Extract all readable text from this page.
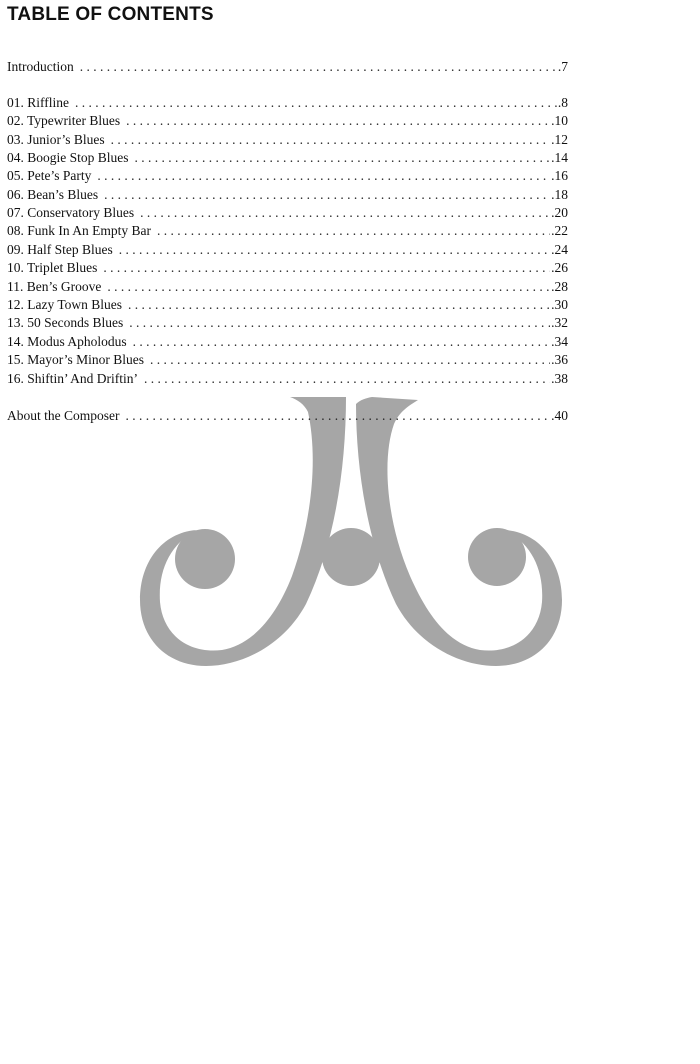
TABLE OF CONTENTS
Introduction . . .	.7
01. Riffline . . .	.8
02. Typewriter Blues . . .	.10
03. Junior’s Blues . . .	.12
04. Boogie Stop Blues . . .	.14
05. Pete’s Party . . .	.16
06. Bean’s Blues . . .	.18
07. Conservatory Blues . . .	.20
08. Funk In An Empty Bar . . .	.22
09. Half Step Blues . . .	.24
10. Triplet Blues . . .	.26
11. Ben’s Groove . . .	.28
12. Lazy Town Blues . . .	.30
13. 50 Seconds Blues . . .	.32
14. Modus Apholodus . . .	.34
15. Mayor’s Minor Blues . . .	.36
16. Shiftin’ And Driftin’ . . .	.38
About the Composer . . .	.40
